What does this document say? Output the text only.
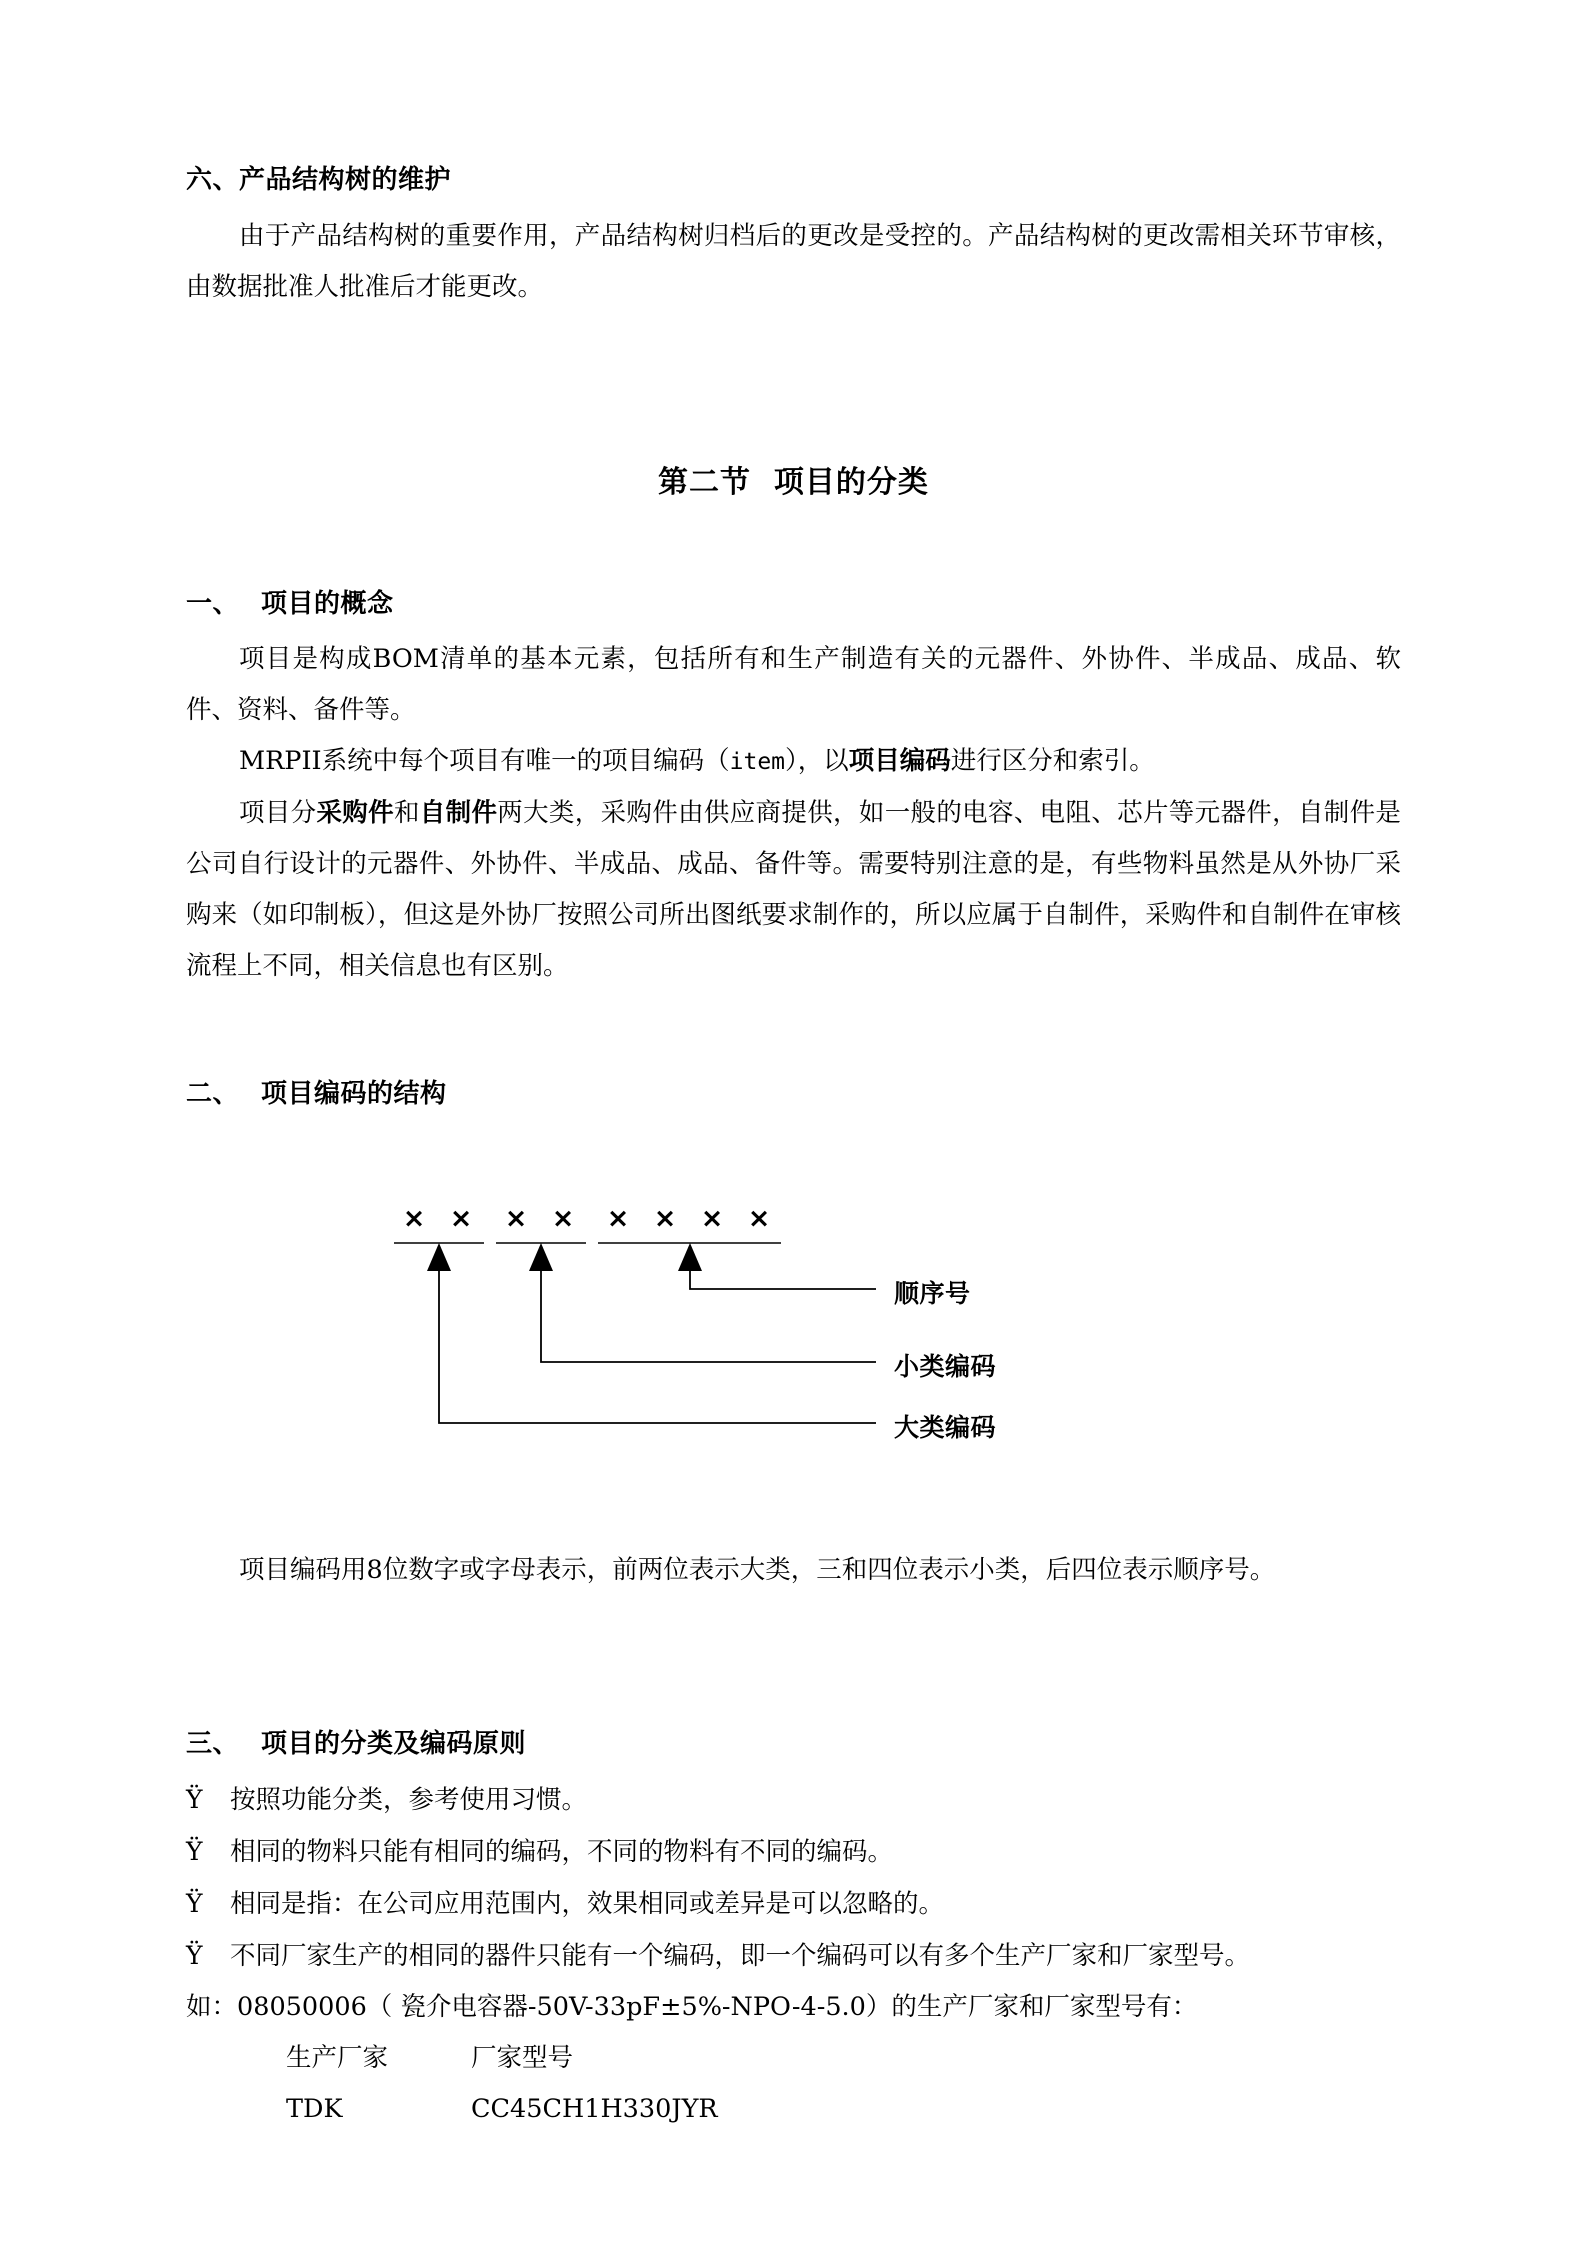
六、产品结构树的维护

由于产品结构树的重要作用，产品结构树归档后的更改是受控的。产品结构树的更改需相关环节审核，由数据批准人批准后才能更改。

第二节  项目的分类
一、 项目的概念

项目是构成BOM清单的基本元素，包括所有和生产制造有关的元器件、外协件、半成品、成品、软件、资料、备件等。

MRPII系统中每个项目有唯一的项目编码（item），以项目编码进行区分和索引。

项目分采购件和自制件两大类，采购件由供应商提供，如一般的电容、电阻、芯片等元器件，自制件是公司自行设计的元器件、外协件、半成品、成品、备件等。需要特别注意的是，有些物料虽然是从外协厂采购来（如印制板），但这是外协厂按照公司所出图纸要求制作的，所以应属于自制件，采购件和自制件在审核流程上不同，相关信息也有区别。

二、 项目编码的结构
× × × × × × × ×
顺序号
小类编码
大类编码

项目编码用8位数字或字母表示，前两位表示大类，三和四位表示小类，后四位表示顺序号。

三、 项目的分类及编码原则
Ÿ	按照功能分类，参考使用习惯。
Ÿ	相同的物料只能有相同的编码，不同的物料有不同的编码。
Ÿ	相同是指：在公司应用范围内，效果相同或差异是可以忽略的。
Ÿ	不同厂家生产的相同的器件只能有一个编码，即一个编码可以有多个生产厂家和厂家型号。

如：08050006（ 瓷介电容器-50V-33pF±5%-NPO-4-5.0）的生产厂家和厂家型号有：

生产厂家	厂家型号
TDK	CC45CH1H330JYR
